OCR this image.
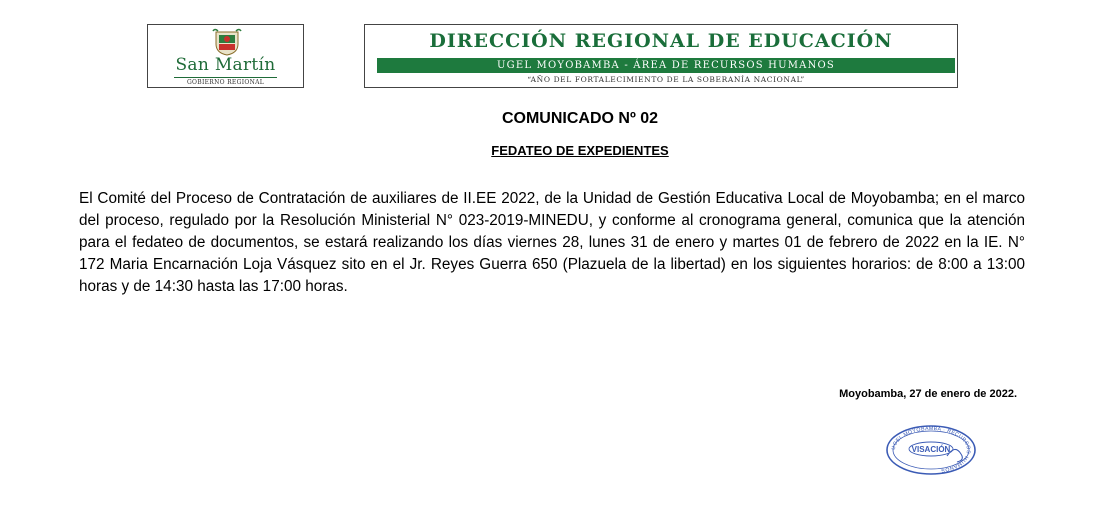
San Martín
GOBIERNO REGIONAL
DIRECCIÓN REGIONAL DE EDUCACIÓN
UGEL MOYOBAMBA - ÁREA DE RECURSOS HUMANOS
“AÑO DEL FORTALECIMIENTO DE LA SOBERANÍA NACIONAL”
COMUNICADO Nº 02
FEDATEO DE EXPEDIENTES
El Comité del Proceso de Contratación de auxiliares de II.EE 2022, de la Unidad de Gestión Educativa Local de Moyobamba; en el marco del proceso, regulado por la Resolución Ministerial N° 023-2019-MINEDU, y conforme al cronograma general, comunica que la atención para el fedateo de documentos, se estará realizando los días viernes 28, lunes 31 de enero y martes 01 de febrero de 2022 en la IE. N° 172 Maria Encarnación Loja Vásquez sito en el Jr. Reyes Guerra 650 (Plazuela de la libertad) en los siguientes horarios: de 8:00 a 13:00 horas y de 14:30 hasta las 17:00 horas.
Moyobamba, 27 de enero de 2022.
UGEL MOYOBAMBA · RECURSOS HUMANOS
VISACIÓN
